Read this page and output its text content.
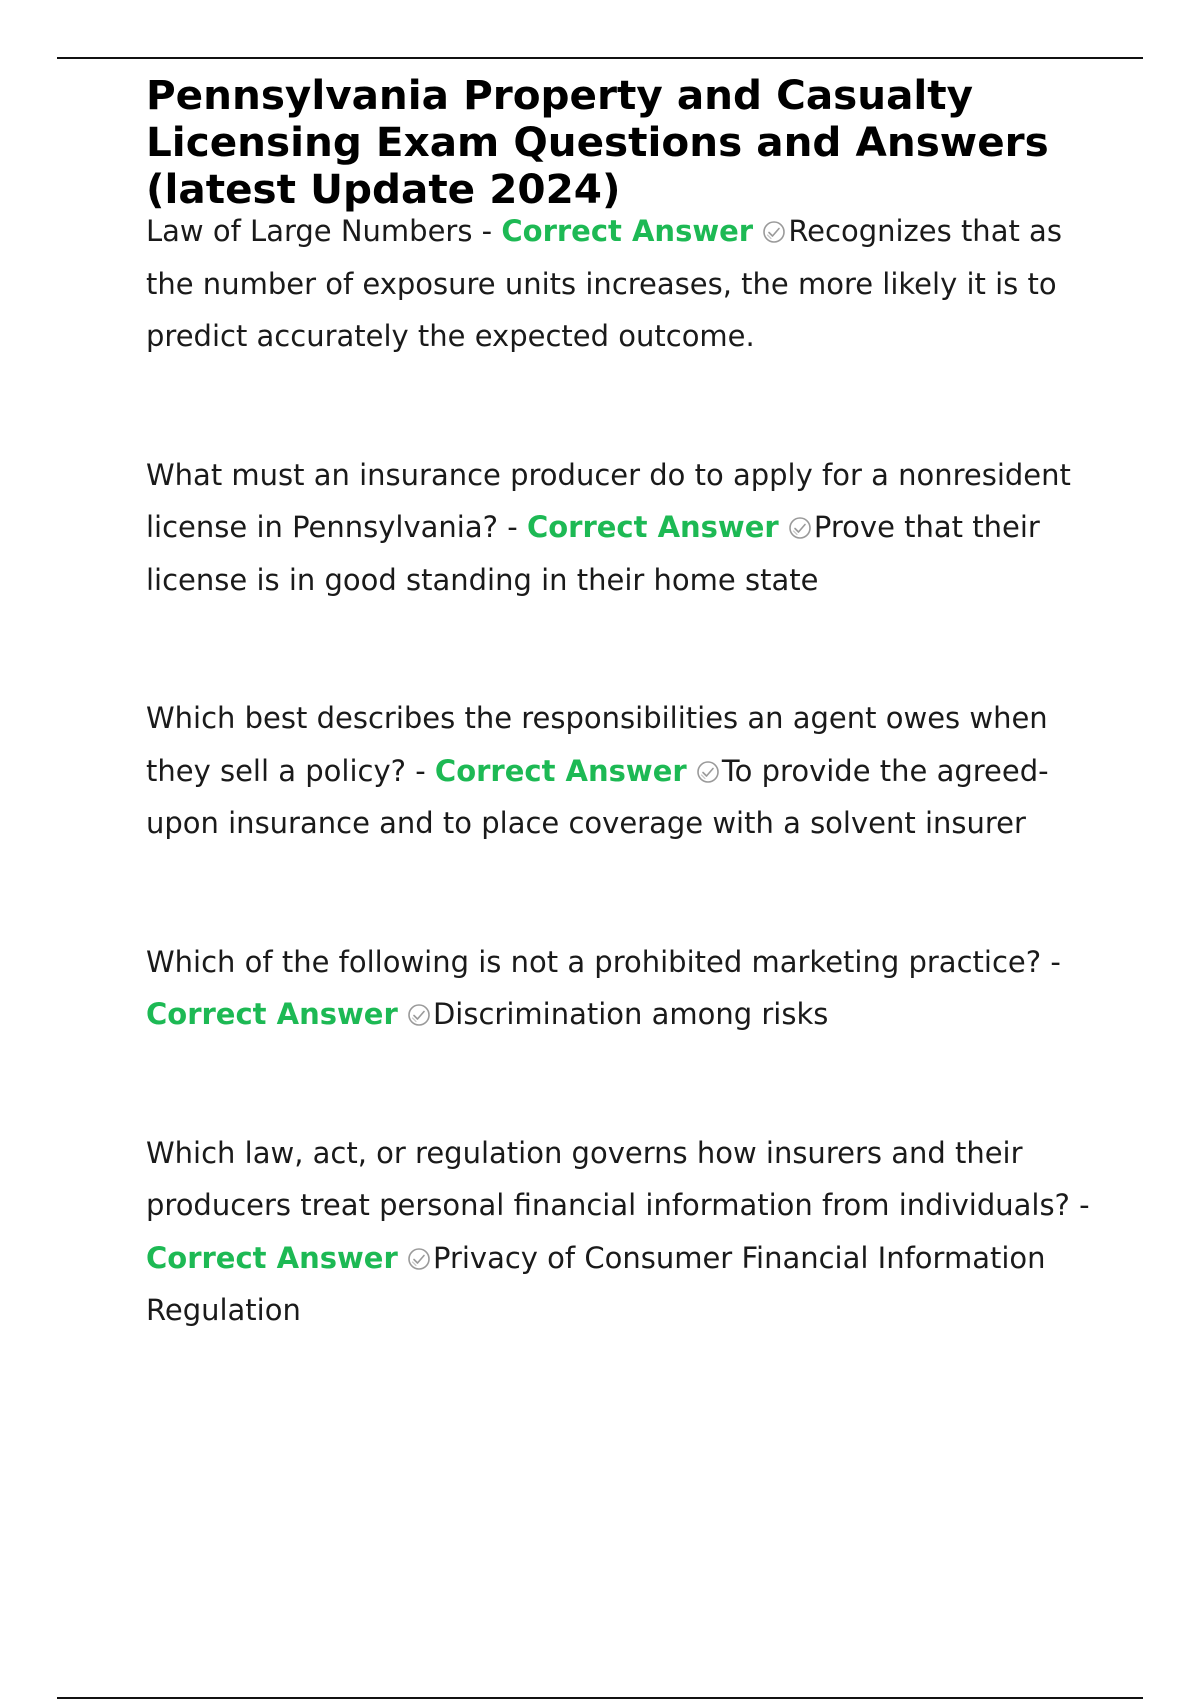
Pennsylvania Property and Casualty Licensing Exam Questions and Answers (latest Update 2024)

Law of Large Numbers - Correct Answer Recognizes that as the number of exposure units increases, the more likely it is to predict accurately the expected outcome.

What must an insurance producer do to apply for a nonresident license in Pennsylvania? - Correct Answer Prove that their license is in good standing in their home state

Which best describes the responsibilities an agent owes when they sell a policy? - Correct Answer To provide the agreed-upon insurance and to place coverage with a solvent insurer

Which of the following is not a prohibited marketing practice? - Correct Answer Discrimination among risks

Which law, act, or regulation governs how insurers and their producers treat personal financial information from individuals? - Correct Answer Privacy of Consumer Financial Information Regulation
